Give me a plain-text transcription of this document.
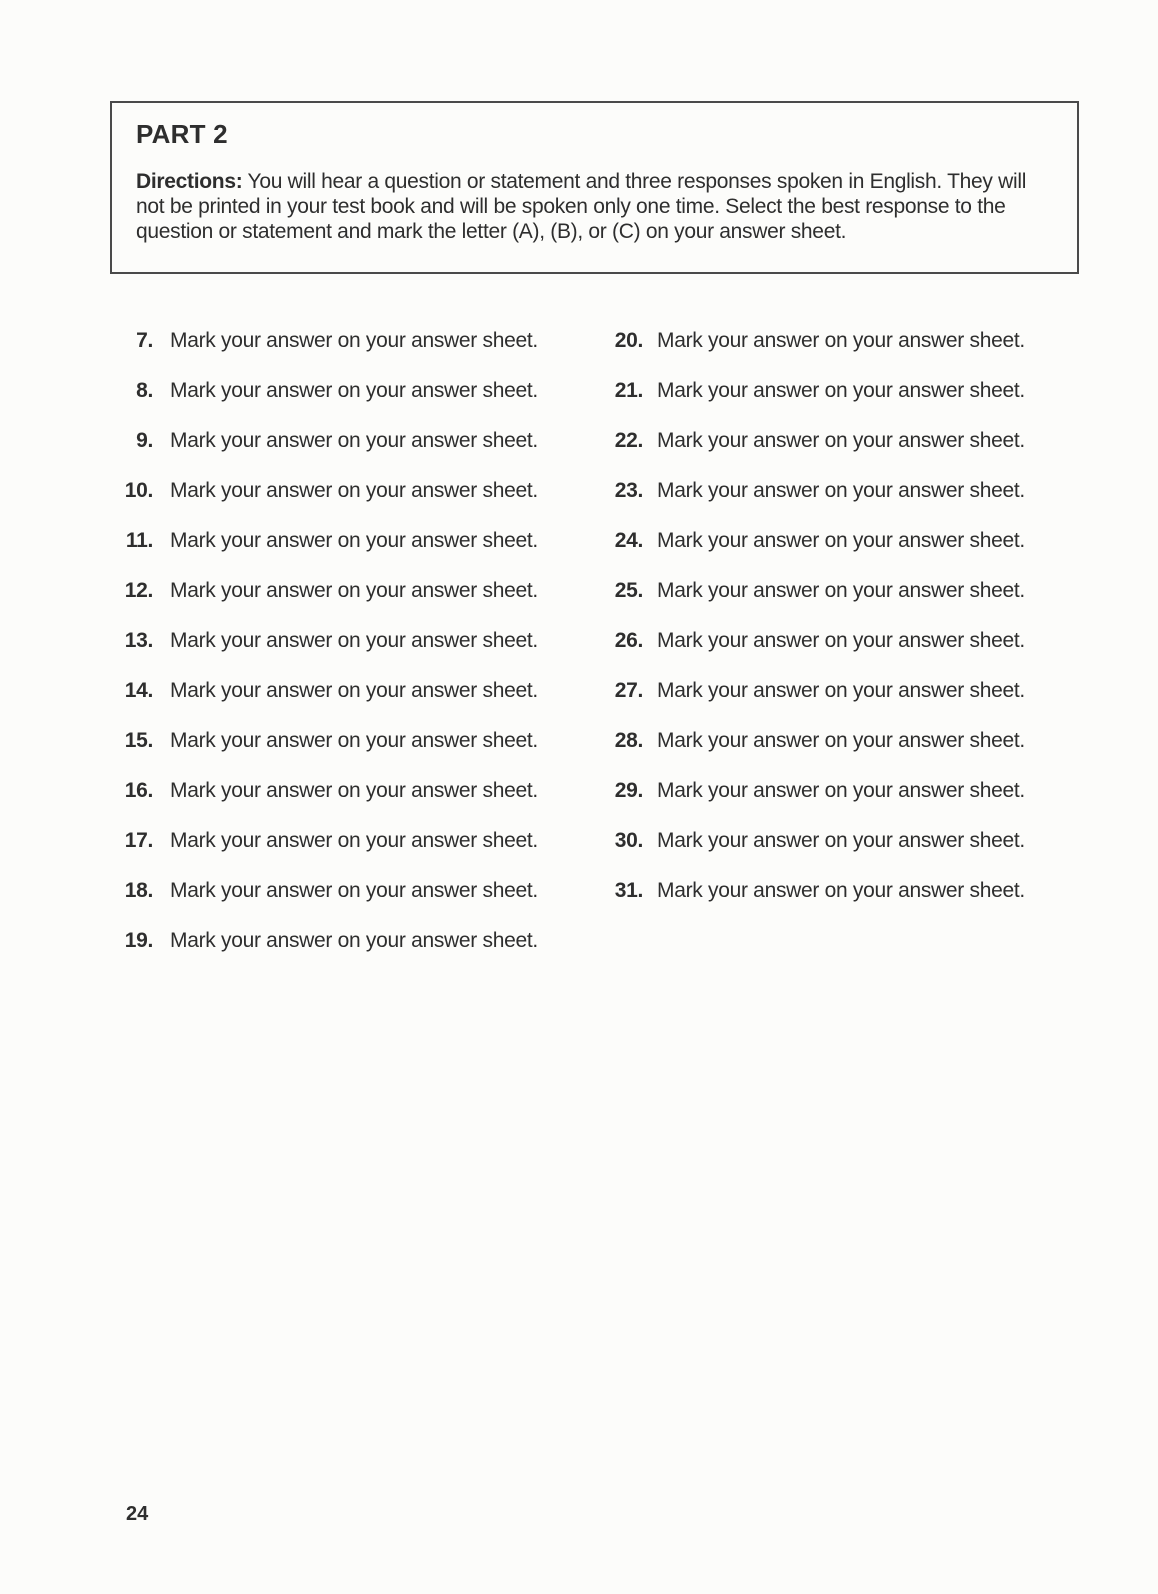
PART 2
Directions: You will hear a question or statement and three responses spoken in English. They will
not be printed in your test book and will be spoken only one time. Select the best response to the
question or statement and mark the letter (A), (B), or (C) on your answer sheet.
7. Mark your answer on your answer sheet.
8. Mark your answer on your answer sheet.
9. Mark your answer on your answer sheet.
10. Mark your answer on your answer sheet.
11. Mark your answer on your answer sheet.
12. Mark your answer on your answer sheet.
13. Mark your answer on your answer sheet.
14. Mark your answer on your answer sheet.
15. Mark your answer on your answer sheet.
16. Mark your answer on your answer sheet.
17. Mark your answer on your answer sheet.
18. Mark your answer on your answer sheet.
19. Mark your answer on your answer sheet.
20. Mark your answer on your answer sheet.
21. Mark your answer on your answer sheet.
22. Mark your answer on your answer sheet.
23. Mark your answer on your answer sheet.
24. Mark your answer on your answer sheet.
25. Mark your answer on your answer sheet.
26. Mark your answer on your answer sheet.
27. Mark your answer on your answer sheet.
28. Mark your answer on your answer sheet.
29. Mark your answer on your answer sheet.
30. Mark your answer on your answer sheet.
31. Mark your answer on your answer sheet.
24
